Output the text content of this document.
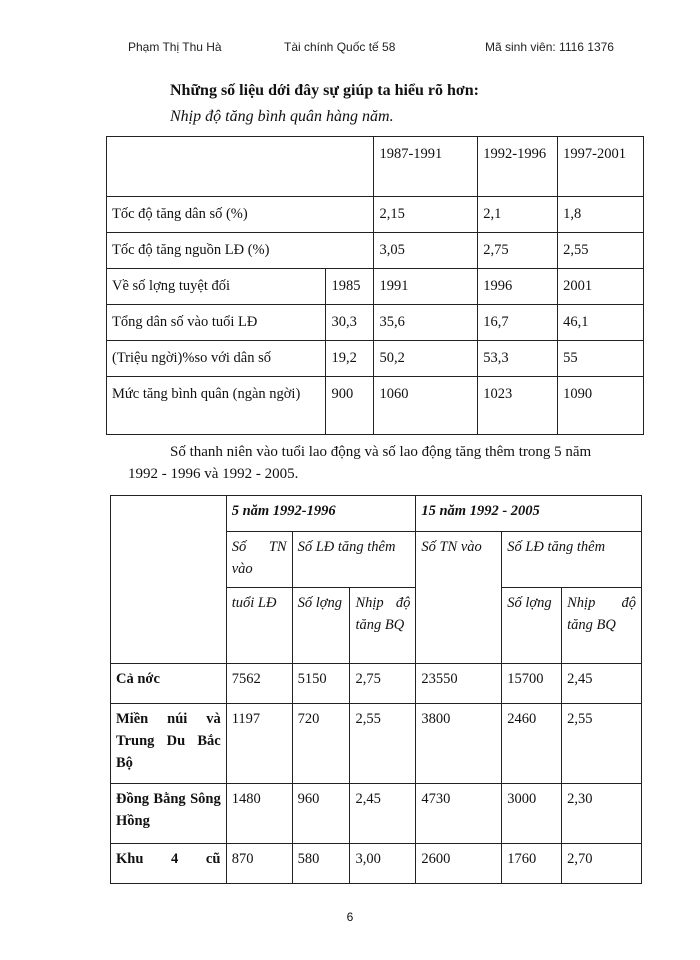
Phạm Thị Thu Hà	Tài chính Quốc tế 58	Mã sinh viên: 1116 1376
Những số liệu dới đây sự giúp ta hiểu rõ hơn:
Nhịp độ tăng bình quân hàng năm.
		1987-1991	1992-1996	1997-2001
Tốc độ tăng dân số (%)		2,15	2,1	1,8
Tốc độ tăng nguồn LĐ (%)		3,05	2,75	2,55
Về số lợng tuyệt đối	1985	1991	1996	2001
Tổng dân số vào tuổi LĐ	30,3	35,6	16,7	46,1
(Triệu ngời)%so với dân số	19,2	50,2	53,3	55
Mức tăng bình quân (ngàn ngời)	900	1060	1023	1090
Số thanh niên vào tuổi lao động và số lao động tăng thêm trong 5 năm
1992 - 1996 và 1992 - 2005.
	5 năm 1992-1996			15 năm 1992 - 2005		
	Số TN vào	Số LĐ tăng thêm		Số TN vào	Số LĐ tăng thêm	
	tuổi LĐ	Số lợng	Nhịp độ tăng BQ		Số lợng	Nhịp độ tăng BQ
Cả nớc	7562	5150	2,75	23550	15700	2,45
Miền núi và Trung Du Bắc Bộ	1197	720	2,55	3800	2460	2,55
Đồng Bằng Sông Hồng	1480	960	2,45	4730	3000	2,30
Khu 4 cũ	870	580	3,00	2600	1760	2,70
6
